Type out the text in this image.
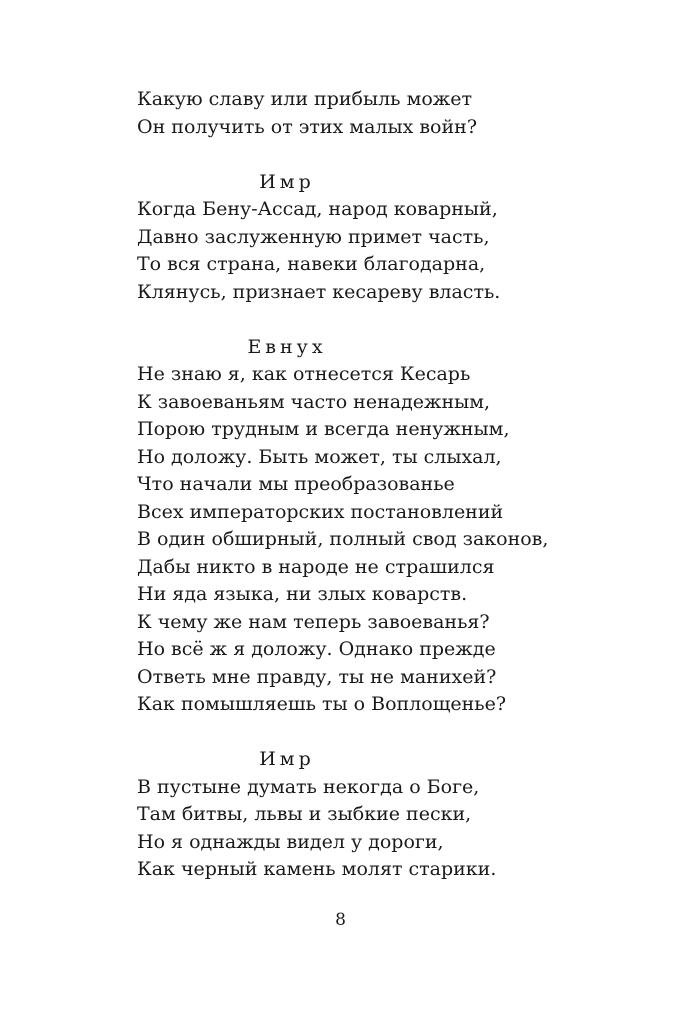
Какую славу или прибыль может
Он получить от этих малых войн?
Имр
Когда Бену-Ассад, народ коварный,
Давно заслуженную примет часть,
То вся страна, навеки благодарна,
Клянусь, признает кесареву власть.
Евнух
Не знаю я, как отнесется Кесарь
К завоеваньям часто ненадежным,
Порою трудным и всегда ненужным,
Но доложу. Быть может, ты слыхал,
Что начали мы преобразованье
Всех императорских постановлений
В один обширный, полный свод законов,
Дабы никто в народе не страшился
Ни яда языка, ни злых коварств.
К чему же нам теперь завоеванья?
Но всё ж я доложу. Однако прежде
Ответь мне правду, ты не манихей?
Как помышляешь ты о Воплощенье?
Имр
В пустыне думать некогда о Боге,
Там битвы, львы и зыбкие пески,
Но я однажды видел у дороги,
Как черный камень молят старики.
8
